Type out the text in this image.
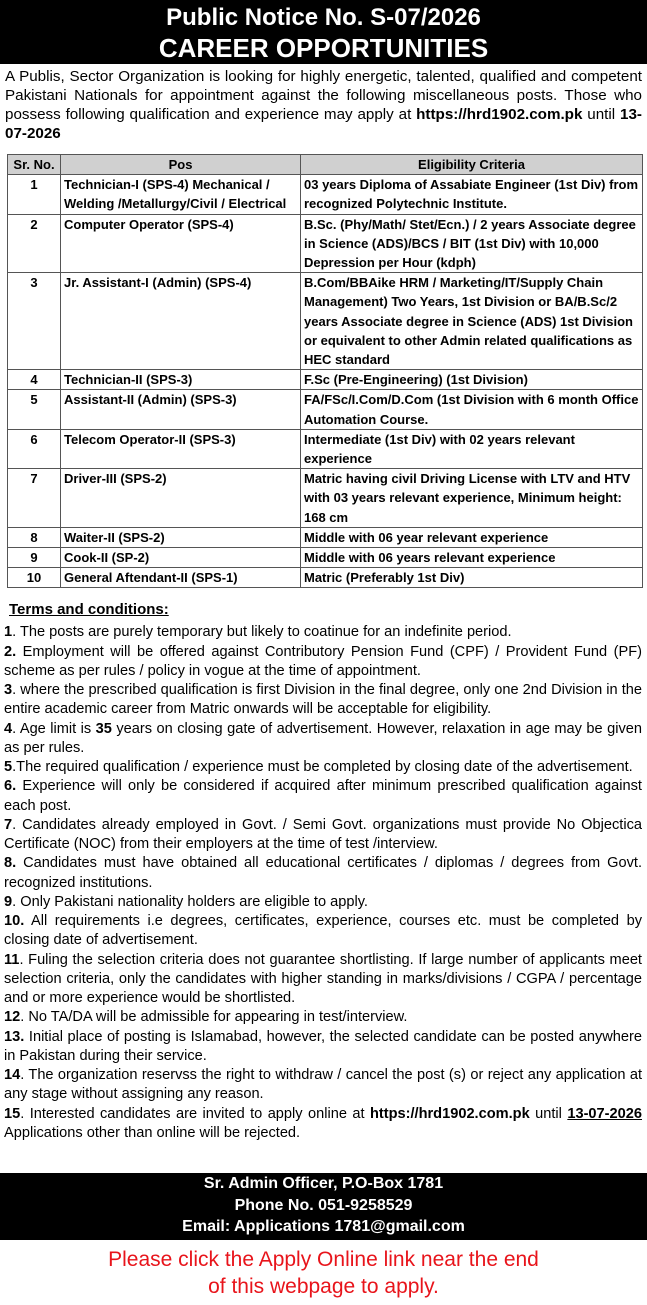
Public Notice No. S-07/2026
CAREER OPPORTUNITIES
A Publis, Sector Organization is looking for highly energetic, talented, qualified and competent Pakistani Nationals for appointment against the following miscellaneous posts. Those who possess following qualification and experience may apply at https://hrd1902.com.pk until 13-07-2026
Sr. No.	Pos	Eligibility Criteria
1	Technician-I (SPS-4) Mechanical / Welding /Metallurgy/Civil / Electrical	03 years Diploma of Assabiate Engineer (1st Div) from recognized Polytechnic Institute.
2	Computer Operator (SPS-4)	B.Sc. (Phy/Math/ Stet/Ecn.) / 2 years Associate degree in Science (ADS)/BCS / BIT (1st Div) with 10,000 Depression per Hour (kdph)
3	Jr. Assistant-I (Admin) (SPS-4)	B.Com/BBAike HRM / Marketing/IT/Supply Chain Management) Two Years, 1st Division or BA/B.Sc/2 years Associate degree in Science (ADS) 1st Division or equivalent to other Admin related qualifications as HEC standard
4	Technician-II (SPS-3)	F.Sc (Pre-Engineering) (1st Division)
5	Assistant-II (Admin) (SPS-3)	FA/FSc/I.Com/D.Com (1st Division with 6 month Office Automation Course.
6	Telecom Operator-II (SPS-3)	Intermediate (1st Div) with 02 years relevant experience
7	Driver-III (SPS-2)	Matric having civil Driving License with LTV and HTV with 03 years relevant experience, Minimum height: 168 cm
8	Waiter-II (SPS-2)	Middle with 06 year relevant experience
9	Cook-II (SP-2)	Middle with 06 years relevant experience
10	General Aftendant-II (SPS-1)	Matric (Preferably 1st Div)
Terms and conditions:

1. The posts are purely temporary but likely to coatinue for an indefinite period.

2. Employment will be offered against Contributory Pension Fund (CPF) / Provident Fund (PF) scheme as per rules / policy in vogue at the time of appointment.

3. where the prescribed qualification is first Division in the final degree, only one 2nd Division in the entire academic career from Matric onwards will be acceptable for eligibility.

4. Age limit is 35 years on closing gate of advertisement. However, relaxation in age may be given as per rules.

5.The required qualification / experience must be completed by closing date of the advertisement.

6. Experience will only be considered if acquired after minimum prescribed qualification against each post.

7. Candidates already employed in Govt. / Semi Govt. organizations must provide No Objectica Certificate (NOC) from their employers at the time of test /interview.

8. Candidates must have obtained all educational certificates / diplomas / degrees from Govt. recognized institutions.

9. Only Pakistani nationality holders are eligible to apply.

10. All requirements i.e degrees, certificates, experience, courses etc. must be completed by closing date of advertisement.

11. Fuling the selection criteria does not guarantee shortlisting. If large number of applicants meet selection criteria, only the candidates with higher standing in marks/divisions / CGPA / percentage and or more experience would be shortlisted.

12. No TA/DA will be admissible for appearing in test/interview.

13. Initial place of posting is Islamabad, however, the selected candidate can be posted anywhere in Pakistan during their service.

14. The organization reservss the right to withdraw / cancel the post (s) or reject any application at any stage without assigning any reason.

15. Interested candidates are invited to apply online at https://hrd1902.com.pk until 13-07-2026 Applications other than online will be rejected.

Sr. Admin Officer, P.O-Box 1781
Phone No. 051-9258529
Email: Applications 1781@gmail.com
Please click the Apply Online link near the end
of this webpage to apply.
